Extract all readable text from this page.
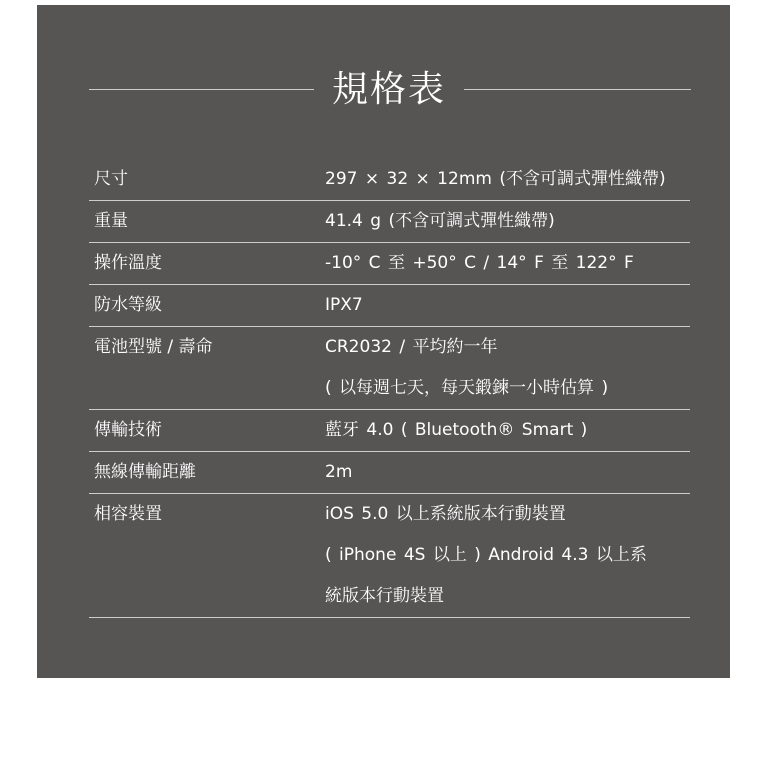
規格表
尺寸	297 × 32 × 12mm (不含可調式彈性織帶)
重量	41.4 g (不含可調式彈性織帶)
操作溫度	-10° C 至 +50° C / 14° F 至 122° F
防水等級	IPX7
電池型號 / 壽命	CR2032 / 平均約一年
( 以每週七天，每天鍛鍊一小時估算 )
傳輸技術	藍牙 4.0 ( Bluetooth® Smart )
無線傳輸距離	2m
相容裝置	iOS 5.0 以上系統版本行動裝置
( iPhone 4S 以上 ) Android 4.3 以上系
統版本行動裝置
